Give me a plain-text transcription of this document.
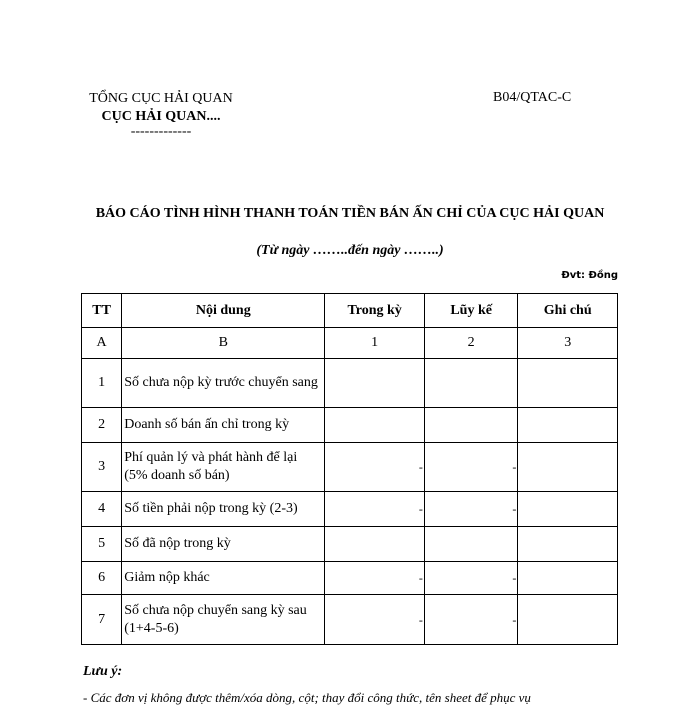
TỔNG CỤC HẢI QUAN
CỤC HẢI QUAN....
-------------
B04/QTAC-C
BÁO CÁO TÌNH HÌNH THANH TOÁN TIỀN BÁN ẤN CHỈ CỦA CỤC HẢI QUAN
(Từ ngày ……..đến ngày ……..)
Đvt: Đồng
TT	Nội dung	Trong kỳ	Lũy kế	Ghi chú
A	B	1	2	3
1	Số chưa nộp kỳ trước chuyển sang	

2	Doanh số bán ấn chỉ trong kỳ	

3	Phí quản lý và phát hành để lại (5% doanh số bán)	-	-	

4	Số tiền phải nộp trong kỳ (2-3)	-	-	

5	Số đã nộp trong kỳ	

6	Giảm nộp khác	-	-	

7	Số chưa nộp chuyển sang kỳ sau (1+4-5-6)	-	-	

Lưu ý:
- Các đơn vị không được thêm/xóa dòng, cột; thay đổi công thức, tên sheet để phục vụ
